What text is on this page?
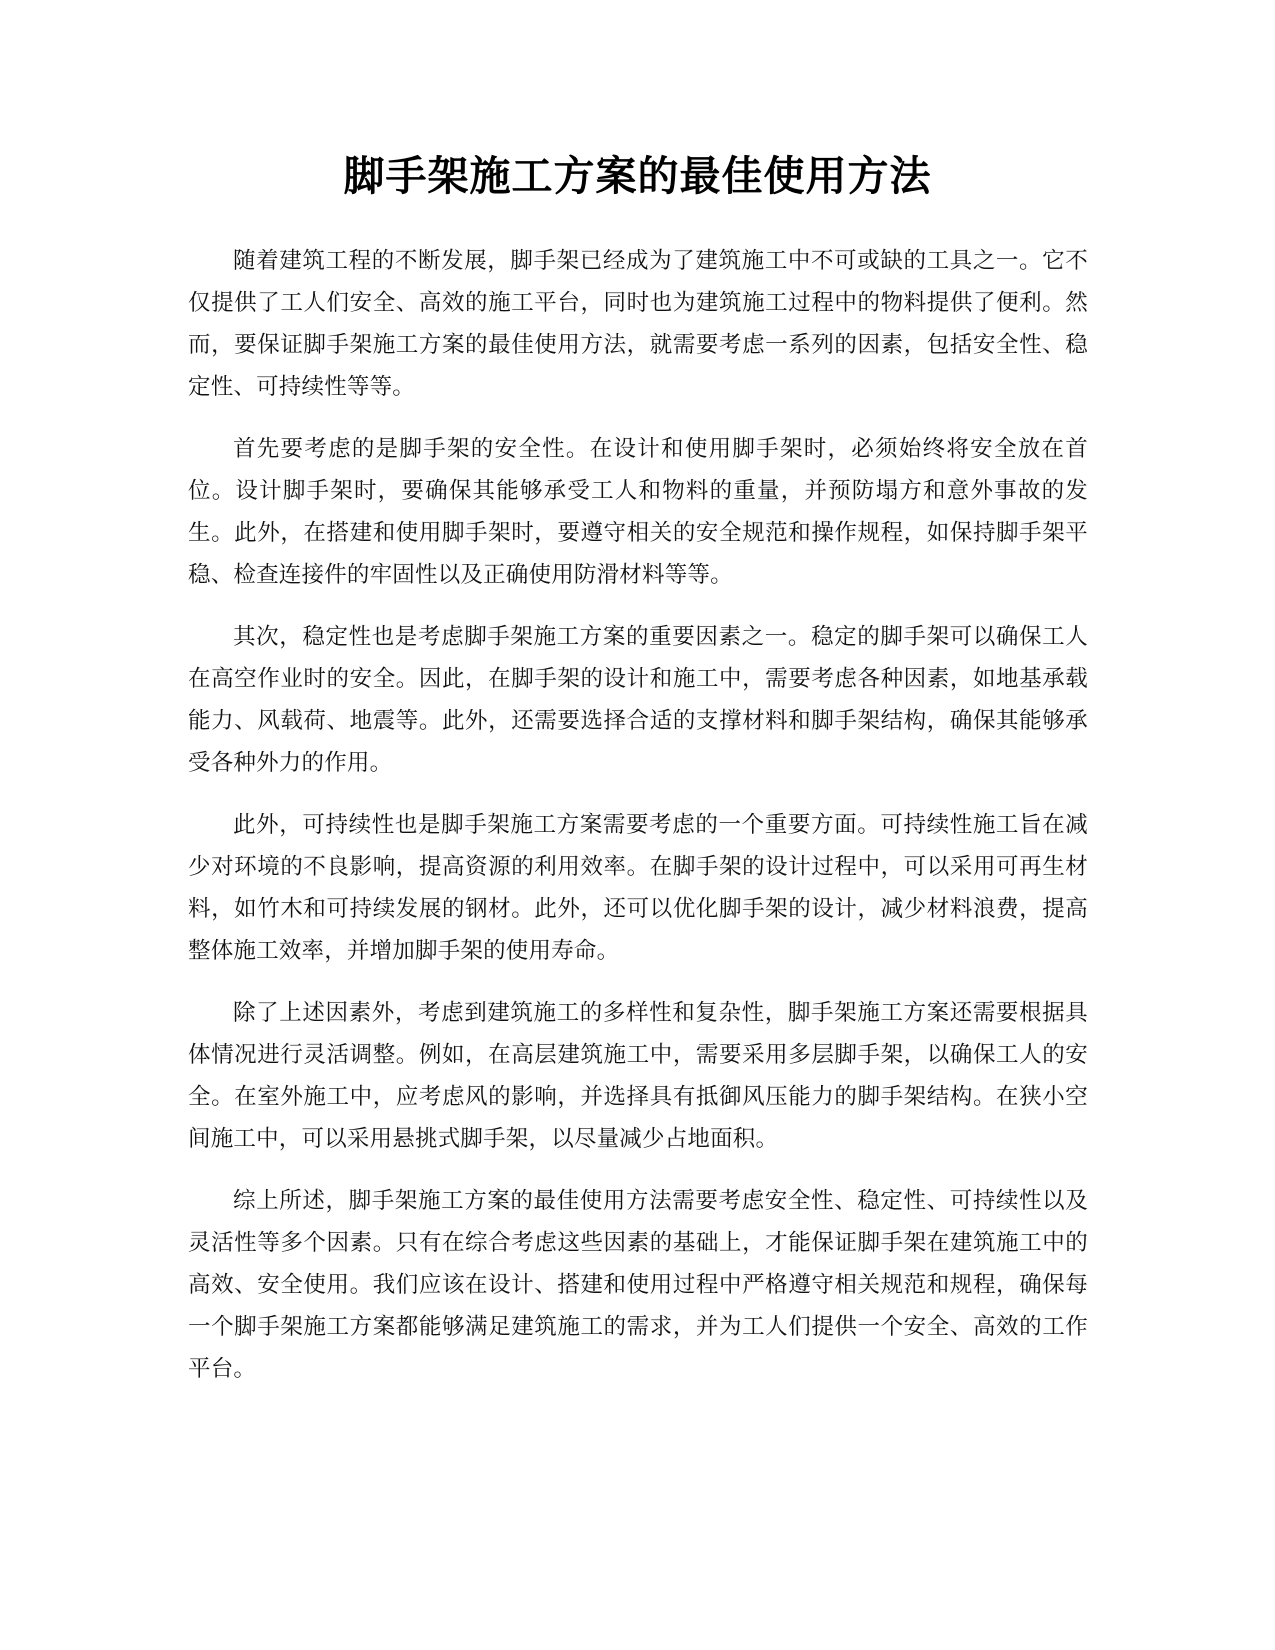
脚手架施工方案的最佳使用方法

随着建筑工程的不断发展，脚手架已经成为了建筑施工中不可或缺的工具之一。它不仅提供了工人们安全、高效的施工平台，同时也为建筑施工过程中的物料提供了便利。然而，要保证脚手架施工方案的最佳使用方法，就需要考虑一系列的因素，包括安全性、稳定性、可持续性等等。

首先要考虑的是脚手架的安全性。在设计和使用脚手架时，必须始终将安全放在首位。设计脚手架时，要确保其能够承受工人和物料的重量，并预防塌方和意外事故的发生。此外，在搭建和使用脚手架时，要遵守相关的安全规范和操作规程，如保持脚手架平稳、检查连接件的牢固性以及正确使用防滑材料等等。

其次，稳定性也是考虑脚手架施工方案的重要因素之一。稳定的脚手架可以确保工人在高空作业时的安全。因此，在脚手架的设计和施工中，需要考虑各种因素，如地基承载能力、风载荷、地震等。此外，还需要选择合适的支撑材料和脚手架结构，确保其能够承受各种外力的作用。

此外，可持续性也是脚手架施工方案需要考虑的一个重要方面。可持续性施工旨在减少对环境的不良影响，提高资源的利用效率。在脚手架的设计过程中，可以采用可再生材料，如竹木和可持续发展的钢材。此外，还可以优化脚手架的设计，减少材料浪费，提高整体施工效率，并增加脚手架的使用寿命。

除了上述因素外，考虑到建筑施工的多样性和复杂性，脚手架施工方案还需要根据具体情况进行灵活调整。例如，在高层建筑施工中，需要采用多层脚手架，以确保工人的安全。在室外施工中，应考虑风的影响，并选择具有抵御风压能力的脚手架结构。在狭小空间施工中，可以采用悬挑式脚手架，以尽量减少占地面积。

综上所述，脚手架施工方案的最佳使用方法需要考虑安全性、稳定性、可持续性以及灵活性等多个因素。只有在综合考虑这些因素的基础上，才能保证脚手架在建筑施工中的高效、安全使用。我们应该在设计、搭建和使用过程中严格遵守相关规范和规程，确保每一个脚手架施工方案都能够满足建筑施工的需求，并为工人们提供一个安全、高效的工作平台。
